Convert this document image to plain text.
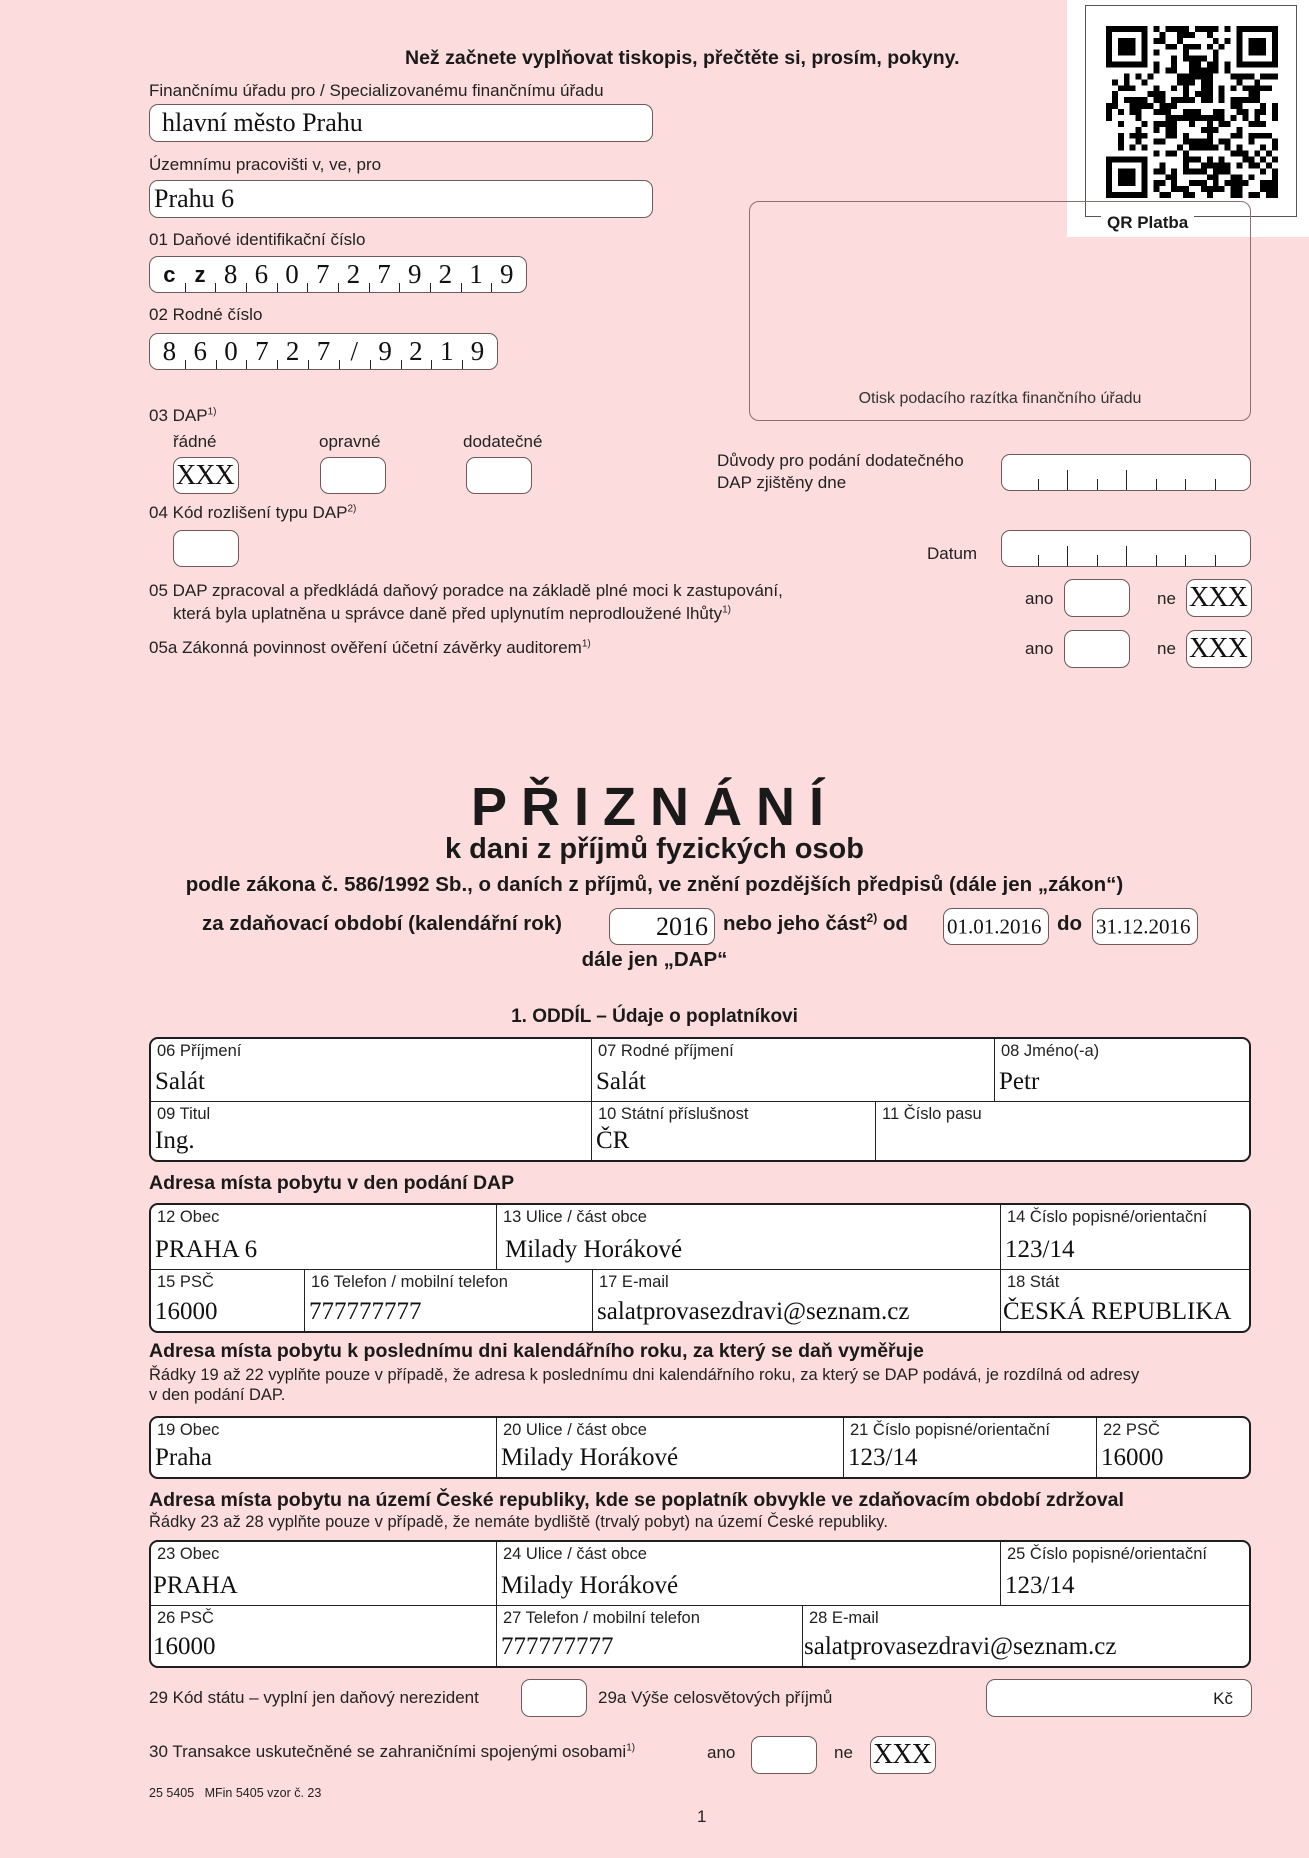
Než začnete vyplňovat tiskopis, přečtěte si, prosím, pokyny.
QR Platba
Finančnímu úřadu pro / Specializovanému finančnímu úřadu
hlavní město Prahu
Územnímu pracovišti v, ve, pro
Prahu 6
01 Daňové identifikační číslo
c z 8 6 0 7 2 7 9 2 1 9
02 Rodné číslo
8 6 0 7 2 7 / 9 2 1 9
Otisk podacího razítka finančního úřadu
03 DAP$^{1)}$
řádné	opravné	dodatečné
XXX
04 Kód rozlišení typu DAP$^{2)}$
Důvody pro podání dodatečného
DAP zjištěny dne
Datum
05 DAP zpracoval a předkládá daňový poradce na základě plné moci k zastupování,
která byla uplatněna u správce daně před uplynutím neprodloužené lhůty$^{1)}$
ano	ne XXX
05a Zákonná povinnost ověření účetní závěrky auditorem$^{1)}$	ano	ne XXX
PŘIZNÁNÍ
k dani z příjmů fyzických osob
podle zákona č. 586/1992 Sb., o daních z příjmů, ve znění pozdějších předpisů (dále jen „zákon“)
za zdaňovací období (kalendářní rok)	2016 nebo jeho část$^{2)}$ od 01.01.2016 do 31.12.2016
dále jen „DAP“
1. ODDÍL – Údaje o poplatníkovi
06 Příjmení
Salát
07 Rodné příjmení
Salát
08 Jméno(-a)
Petr
09 Titul
Ing.
10 Státní příslušnost
ČR
11 Číslo pasu
Adresa místa pobytu v den podání DAP
12 Obec
PRAHA 6
13 Ulice / část obce
Milady Horákové
14 Číslo popisné/orientační
123/14
15 PSČ
16000
16 Telefon / mobilní telefon
777777777
17 E-mail
salatprovasezdravi@seznam.cz
18 Stát
ČESKÁ REPUBLIKA
Adresa místa pobytu k poslednímu dni kalendářního roku, za který se daň vyměřuje
Řádky 19 až 22 vyplňte pouze v případě, že adresa k poslednímu dni kalendářního roku, za který se DAP podává, je rozdílná od adresy
v den podání DAP.
19 Obec
Praha
20 Ulice / část obce
Milady Horákové
21 Číslo popisné/orientační
123/14
22 PSČ
16000
Adresa místa pobytu na území České republiky, kde se poplatník obvykle ve zdaňovacím období zdržoval
Řádky 23 až 28 vyplňte pouze v případě, že nemáte bydliště (trvalý pobyt) na území České republiky.
23 Obec
PRAHA
24 Ulice / část obce
Milady Horákové
25 Číslo popisné/orientační
123/14
26 PSČ
16000
27 Telefon / mobilní telefon
777777777
28 E-mail
salatprovasezdravi@seznam.cz
29 Kód státu – vyplní jen daňový nerezident	29a Výše celosvětových příjmů	Kč
30 Transakce uskutečněné se zahraničními spojenými osobami$^{1)}$	ano	ne XXX
25 5405   MFin 5405 vzor č. 23
1
